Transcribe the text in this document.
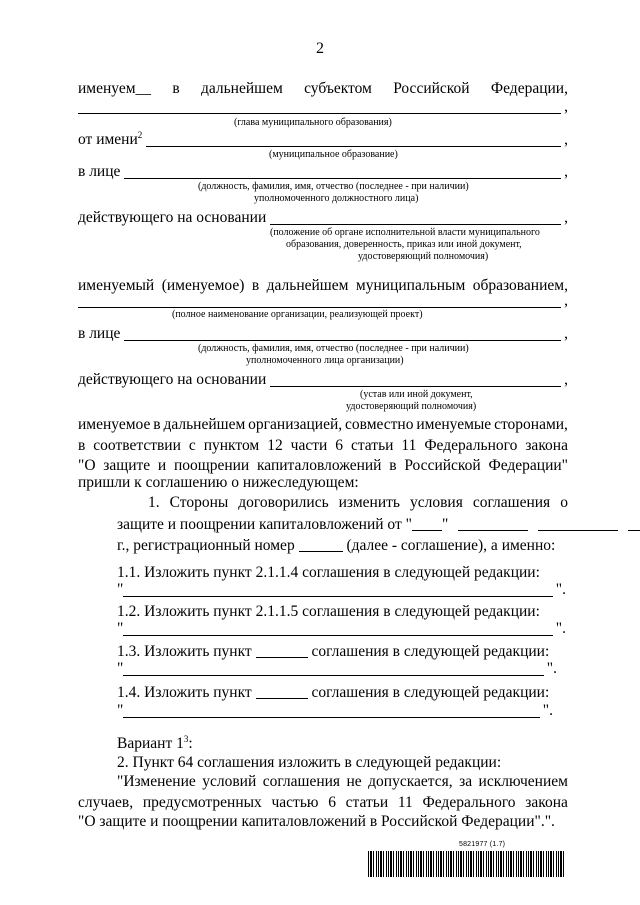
2
именуем__ в дальнейшем субъектом Российской Федерации,
,
(глава муниципального образования)
от имени$^2$	,
(муниципальное образование)
в лице	,
(должность, фамилия, имя, отчество (последнее - при наличии)
уполномоченного должностного лица)
действующего на основании	,
(положение об органе исполнительной власти муниципального
образования, доверенность, приказ или иной документ,
удостоверяющий полномочия)
именуемый (именуемое) в дальнейшем муниципальным образованием,
,
(полное наименование организации, реализующей проект)
в лице	,
(должность, фамилия, имя, отчество (последнее - при наличии)
уполномоченного лица организации)
действующего на основании	,
(устав или иной документ,
удостоверяющий полномочия)
именуемое в дальнейшем организацией, совместно именуемые сторонами,
в соответствии с пунктом 12 части 6 статьи 11 Федерального закона
"О защите и поощрении капиталовложений в Российской Федерации"
пришли к соглашению о нижеследующем:
1. Стороны договорились изменить условия соглашения о
защите и поощрении капиталовложений от " "
г., регистрационный номер	(далее - соглашение), а именно:
1.1. Изложить пункт 2.1.1.4 соглашения в следующей редакции:
"	".
1.2. Изложить пункт 2.1.1.5 соглашения в следующей редакции:
"	".
1.3. Изложить пункт	соглашения в следующей редакции:
"	".
1.4. Изложить пункт	соглашения в следующей редакции:
"	".
Вариант $1^3$:
2. Пункт 64 соглашения изложить в следующей редакции:
"Изменение условий соглашения не допускается, за исключением
случаев, предусмотренных частью 6 статьи 11 Федерального закона
"О защите и поощрении капиталовложений в Российской Федерации".".
5821977 (1.7)
